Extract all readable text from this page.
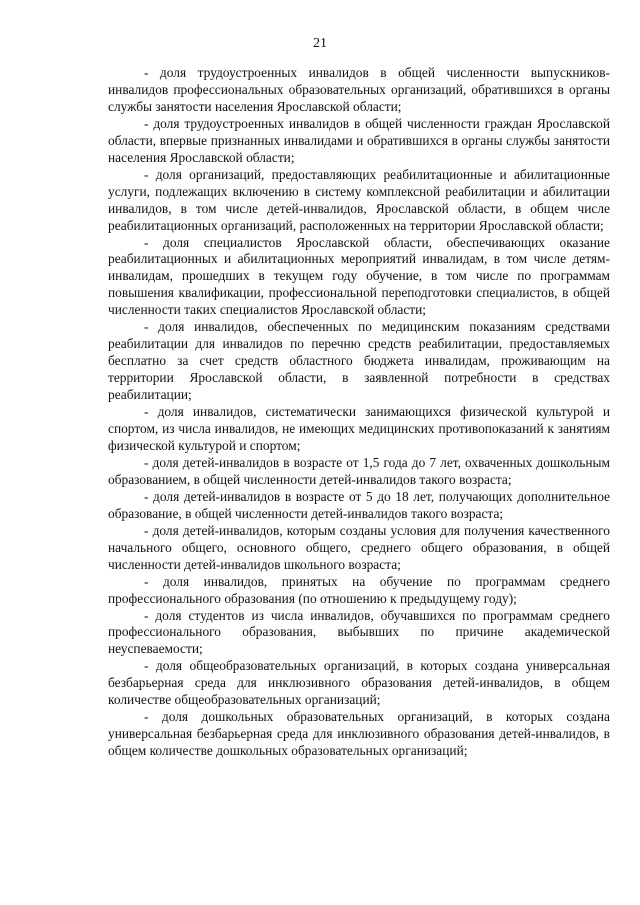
21

- доля трудоустроенных инвалидов в общей численности выпускников-инвалидов профессиональных образовательных организаций, обратившихся в органы службы занятости населения Ярославской области;

- доля трудоустроенных инвалидов в общей численности граждан Ярославской области, впервые признанных инвалидами и обратившихся в органы службы занятости населения Ярославской области;

- доля организаций, предоставляющих реабилитационные и абилитационные услуги, подлежащих включению в систему комплексной реабилитации и абилитации инвалидов, в том числе детей-инвалидов, Ярославской области, в общем числе реабилитационных организаций, расположенных на территории Ярославской области;

- доля специалистов Ярославской области, обеспечивающих оказание реабилитационных и абилитационных мероприятий инвалидам, в том числе детям-инвалидам, прошедших в текущем году обучение, в том числе по программам повышения квалификации, профессиональной переподготовки специалистов, в общей численности таких специалистов Ярославской области;

- доля инвалидов, обеспеченных по медицинским показаниям средствами реабилитации для инвалидов по перечню средств реабилитации, предоставляемых бесплатно за счет средств областного бюджета инвалидам, проживающим на территории Ярославской области, в заявленной потребности в средствах реабилитации;

- доля инвалидов, систематически занимающихся физической культурой и спортом, из числа инвалидов, не имеющих медицинских противопоказаний к занятиям физической культурой и спортом;

- доля детей-инвалидов в возрасте от 1,5 года до 7 лет, охваченных дошкольным образованием, в общей численности детей-инвалидов такого возраста;

- доля детей-инвалидов в возрасте от 5 до 18 лет, получающих дополнительное образование, в общей численности детей-инвалидов такого возраста;

- доля детей-инвалидов, которым созданы условия для получения качественного начального общего, основного общего, среднего общего образования, в общей численности детей-инвалидов школьного возраста;

- доля инвалидов, принятых на обучение по программам среднего профессионального образования (по отношению к предыдущему году);

- доля студентов из числа инвалидов, обучавшихся по программам среднего профессионального образования, выбывших по причине академической неуспеваемости;

- доля общеобразовательных организаций, в которых создана универсальная безбарьерная среда для инклюзивного образования детей-инвалидов, в общем количестве общеобразовательных организаций;

- доля дошкольных образовательных организаций, в которых создана универсальная безбарьерная среда для инклюзивного образования детей-инвалидов, в общем количестве дошкольных образовательных организаций;
